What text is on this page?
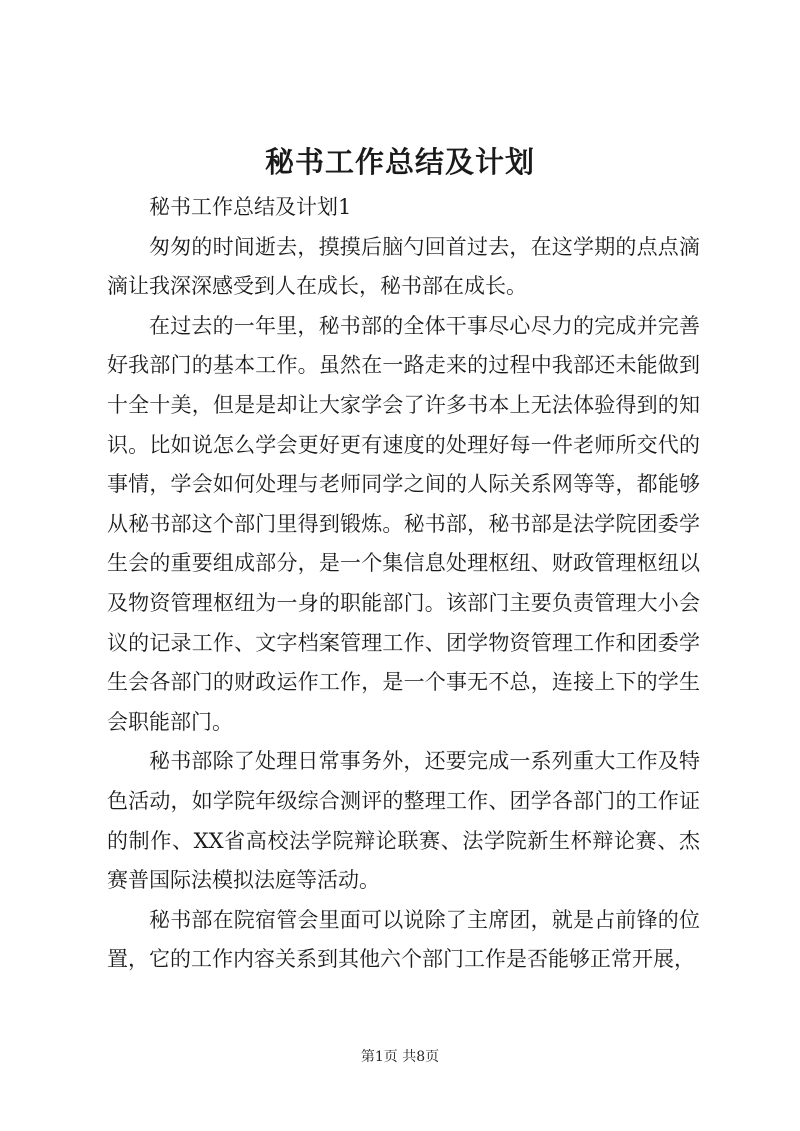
秘书工作总结及计划

秘书工作总结及计划1

匆匆的时间逝去，摸摸后脑勺回首过去，在这学期的点点滴滴让我深深感受到人在成长，秘书部在成长。

在过去的一年里，秘书部的全体干事尽心尽力的完成并完善好我部门的基本工作。虽然在一路走来的过程中我部还未能做到十全十美，但是是却让大家学会了许多书本上无法体验得到的知识。比如说怎么学会更好更有速度的处理好每一件老师所交代的事情，学会如何处理与老师同学之间的人际关系网等等，都能够从秘书部这个部门里得到锻炼。秘书部，秘书部是法学院团委学生会的重要组成部分，是一个集信息处理枢纽、财政管理枢纽以及物资管理枢纽为一身的职能部门。该部门主要负责管理大小会议的记录工作、文字档案管理工作、团学物资管理工作和团委学生会各部门的财政运作工作，是一个事无不总，连接上下的学生会职能部门。

秘书部除了处理日常事务外，还要完成一系列重大工作及特色活动，如学院年级综合测评的整理工作、团学各部门的工作证的制作、XX省高校法学院辩论联赛、法学院新生杯辩论赛、杰赛普国际法模拟法庭等活动。

秘书部在院宿管会里面可以说除了主席团，就是占前锋的位置，它的工作内容关系到其他六个部门工作是否能够正常开展，

第1页 共8页
